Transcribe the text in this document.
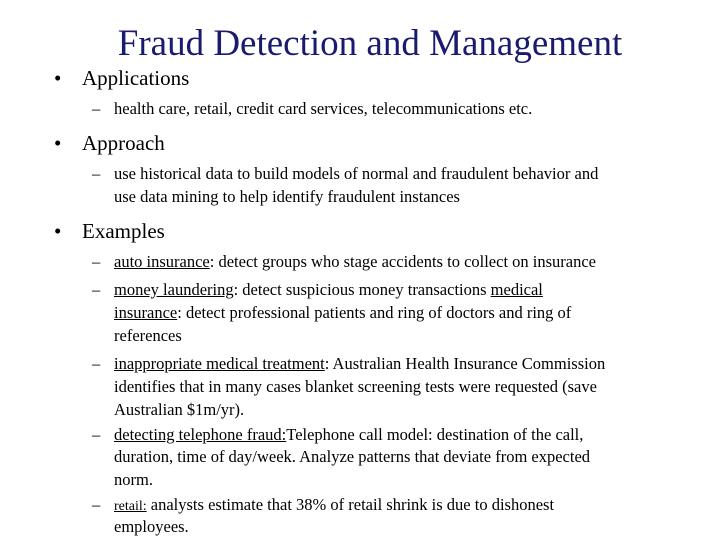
Fraud Detection and Management
• Applications
– health care, retail, credit card services, telecommunications etc.
• Approach
– use historical data to build models of normal and fraudulent behavior and
use data mining to help identify fraudulent instances
• Examples
– auto insurance: detect groups who stage accidents to collect on insurance
– money laundering: detect suspicious money transactions medical
insurance: detect professional patients and ring of doctors and ring of
references
– inappropriate medical treatment: Australian Health Insurance Commission
identifies that in many cases blanket screening tests were requested (save
Australian $1m/yr).
– detecting telephone fraud:Telephone call model: destination of the call,
duration, time of day/week. Analyze patterns that deviate from expected
norm.
– retail: analysts estimate that 38% of retail shrink is due to dishonest
employees.
